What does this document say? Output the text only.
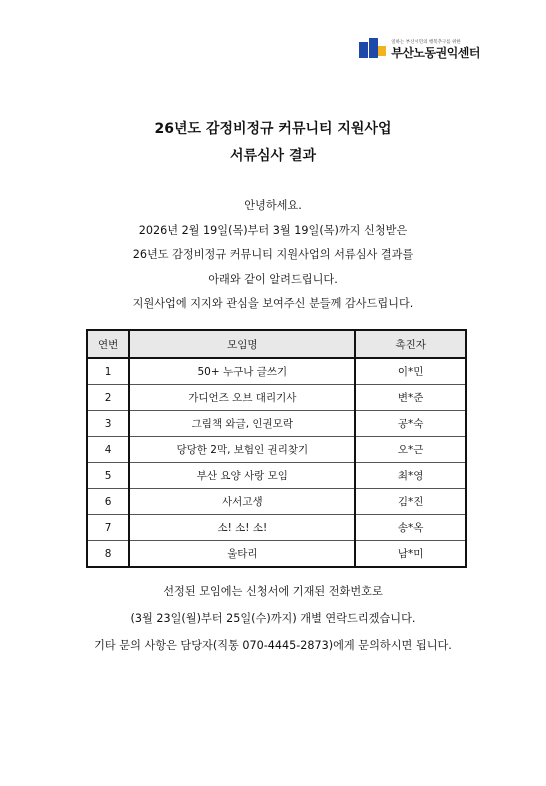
일하는 부산시민의 행복추구를 위한
부산노동권익센터
26년도 감정비정규 커뮤니티 지원사업
서류심사 결과
안녕하세요.
2026년 2월 19일(목)부터 3월 19일(목)까지 신청받은
26년도 감정비정규 커뮤니티 지원사업의 서류심사 결과를
아래와 같이 알려드립니다.
지원사업에 지지와 관심을 보여주신 분들께 감사드립니다.
연번	모임명	촉진자
1	50+ 누구나 글쓰기	이*민
2	가디언즈 오브 대리기사	변*준
3	그림책 와글, 인권모락	공*숙
4	당당한 2막, 보험인 권리찾기	오*근
5	부산 요양 사랑 모임	최*영
6	사서고생	김*진
7	소! 소! 소!	송*옥
8	울타리	남*미
선정된 모임에는 신청서에 기재된 전화번호로
(3월 23일(월)부터 25일(수)까지) 개별 연락드리겠습니다.
기타 문의 사항은 담당자(직통 070-4445-2873)에게 문의하시면 됩니다.
